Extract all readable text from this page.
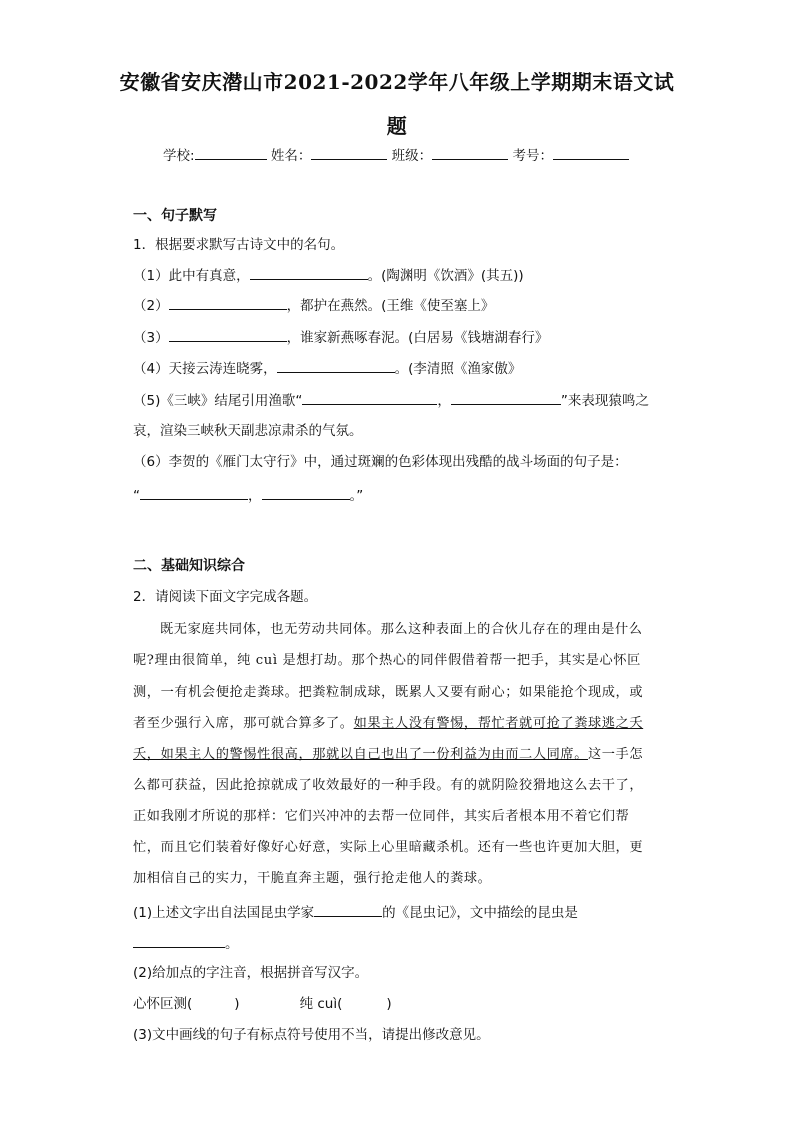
安徽省安庆潜山市2021-2022学年八年级上学期期末语文试
题
学校:	姓名：	班级：	考号：
一、句子默写
1．根据要求默写古诗文中的名句。
（1）此中有真意，	。(陶渊明《饮酒》(其五))
（2）	，都护在燕然。(王维《使至塞上》
（3）	，谁家新燕啄春泥。(白居易《钱塘湖春行》
（4）天接云涛连晓雾，	。(李清照《渔家傲》
（5)《三峡》结尾引用渔歌“	，	”来表现猿鸣之
哀，渲染三峡秋天副悲凉肃杀的气氛。
（6）李贺的《雁门太守行》中，通过斑斓的色彩体现出残酷的战斗场面的句子是：
“	，	。”
二、基础知识综合
2．请阅读下面文字完成各题。
既无家庭共同体，也无劳动共同体。那么这种表面上的合伙儿存在的理由是什么
呢?理由很简单，纯 cuì 是想打劫。那个热心的同伴假借着帮一把手，其实是心怀叵
测，一有机会便抢走粪球。把粪粒制成球，既累人又要有耐心；如果能抢个现成，或
者至少强行入席，那可就合算多了。如果主人没有警惕，帮忙者就可抢了粪球逃之夭
夭，如果主人的警惕性很高，那就以自己也出了一份利益为由而二人同席。这一手怎
么都可获益，因此抢掠就成了收效最好的一种手段。有的就阴险狡猾地这么去干了，
正如我刚才所说的那样：它们兴冲冲的去帮一位同伴，其实后者根本用不着它们帮
忙，而且它们装着好像好心好意，实际上心里暗藏杀机。还有一些也许更加大胆，更
加相信自己的实力，干脆直奔主题，强行抢走他人的粪球。
(1)上述文字出自法国昆虫学家	的《昆虫记》，文中描绘的昆虫是
。
(2)给加点的字注音，根据拼音写汉字。
心怀叵测(	)	纯 cuì(	)
(3)文中画线的句子有标点符号使用不当，请提出修改意见。
